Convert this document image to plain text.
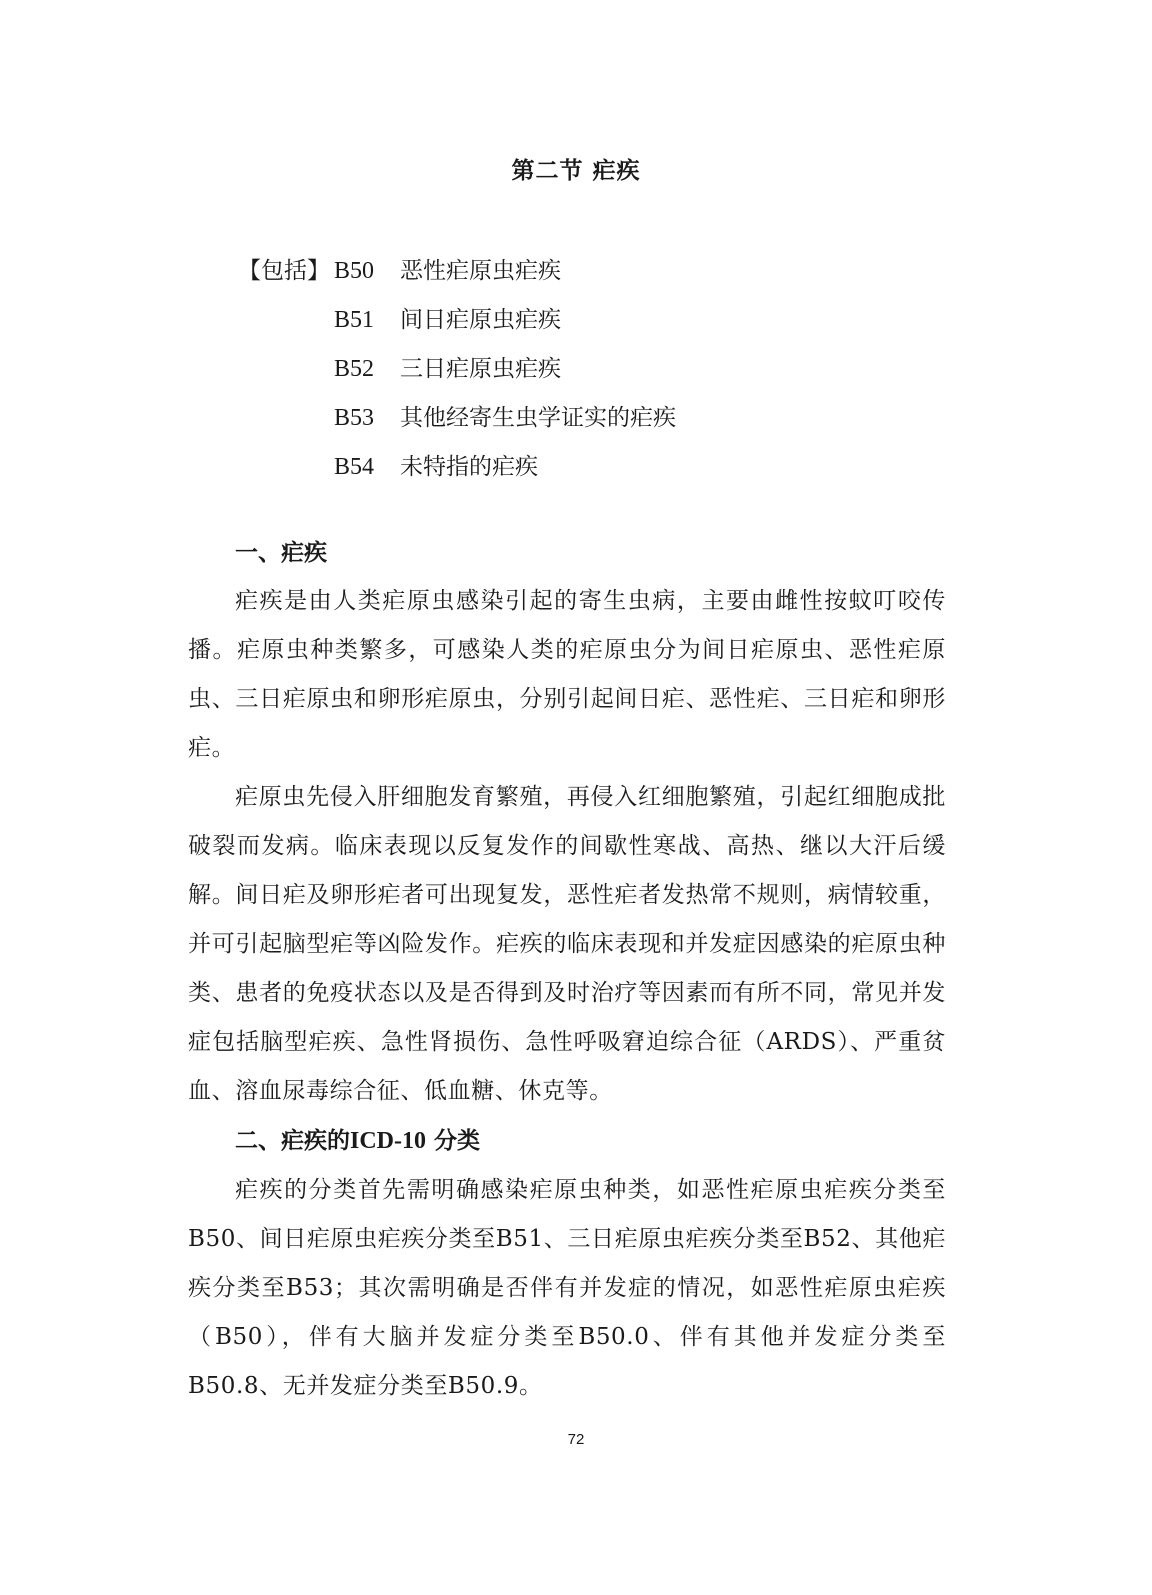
第二节 疟疾
【包括】 B50 恶性疟原虫疟疾
B51 间日疟原虫疟疾
B52 三日疟原虫疟疾
B53 其他经寄生虫学证实的疟疾
B54 未特指的疟疾
一、疟疾

疟疾是由人类疟原虫感染引起的寄生虫病，主要由雌性按蚊叮咬传播。疟原虫种类繁多，可感染人类的疟原虫分为间日疟原虫、恶性疟原虫、三日疟原虫和卵形疟原虫，分别引起间日疟、恶性疟、三日疟和卵形疟。

疟原虫先侵入肝细胞发育繁殖，再侵入红细胞繁殖，引起红细胞成批破裂而发病。临床表现以反复发作的间歇性寒战、高热、继以大汗后缓解。间日疟及卵形疟者可出现复发，恶性疟者发热常不规则，病情较重，并可引起脑型疟等凶险发作。疟疾的临床表现和并发症因感染的疟原虫种类、患者的免疫状态以及是否得到及时治疗等因素而有所不同，常见并发症包括脑型疟疾、急性肾损伤、急性呼吸窘迫综合征（ARDS）、严重贫血、溶血尿毒综合征、低血糖、休克等。

二、疟疾的ICD-10 分类

疟疾的分类首先需明确感染疟原虫种类，如恶性疟原虫疟疾分类至B50、间日疟原虫疟疾分类至B51、三日疟原虫疟疾分类至B52、其他疟疾分类至B53；其次需明确是否伴有并发症的情况，如恶性疟原虫疟疾（B50），伴有大脑并发症分类至B50.0、伴有其他并发症分类至B50.8、无并发症分类至B50.9。

72
